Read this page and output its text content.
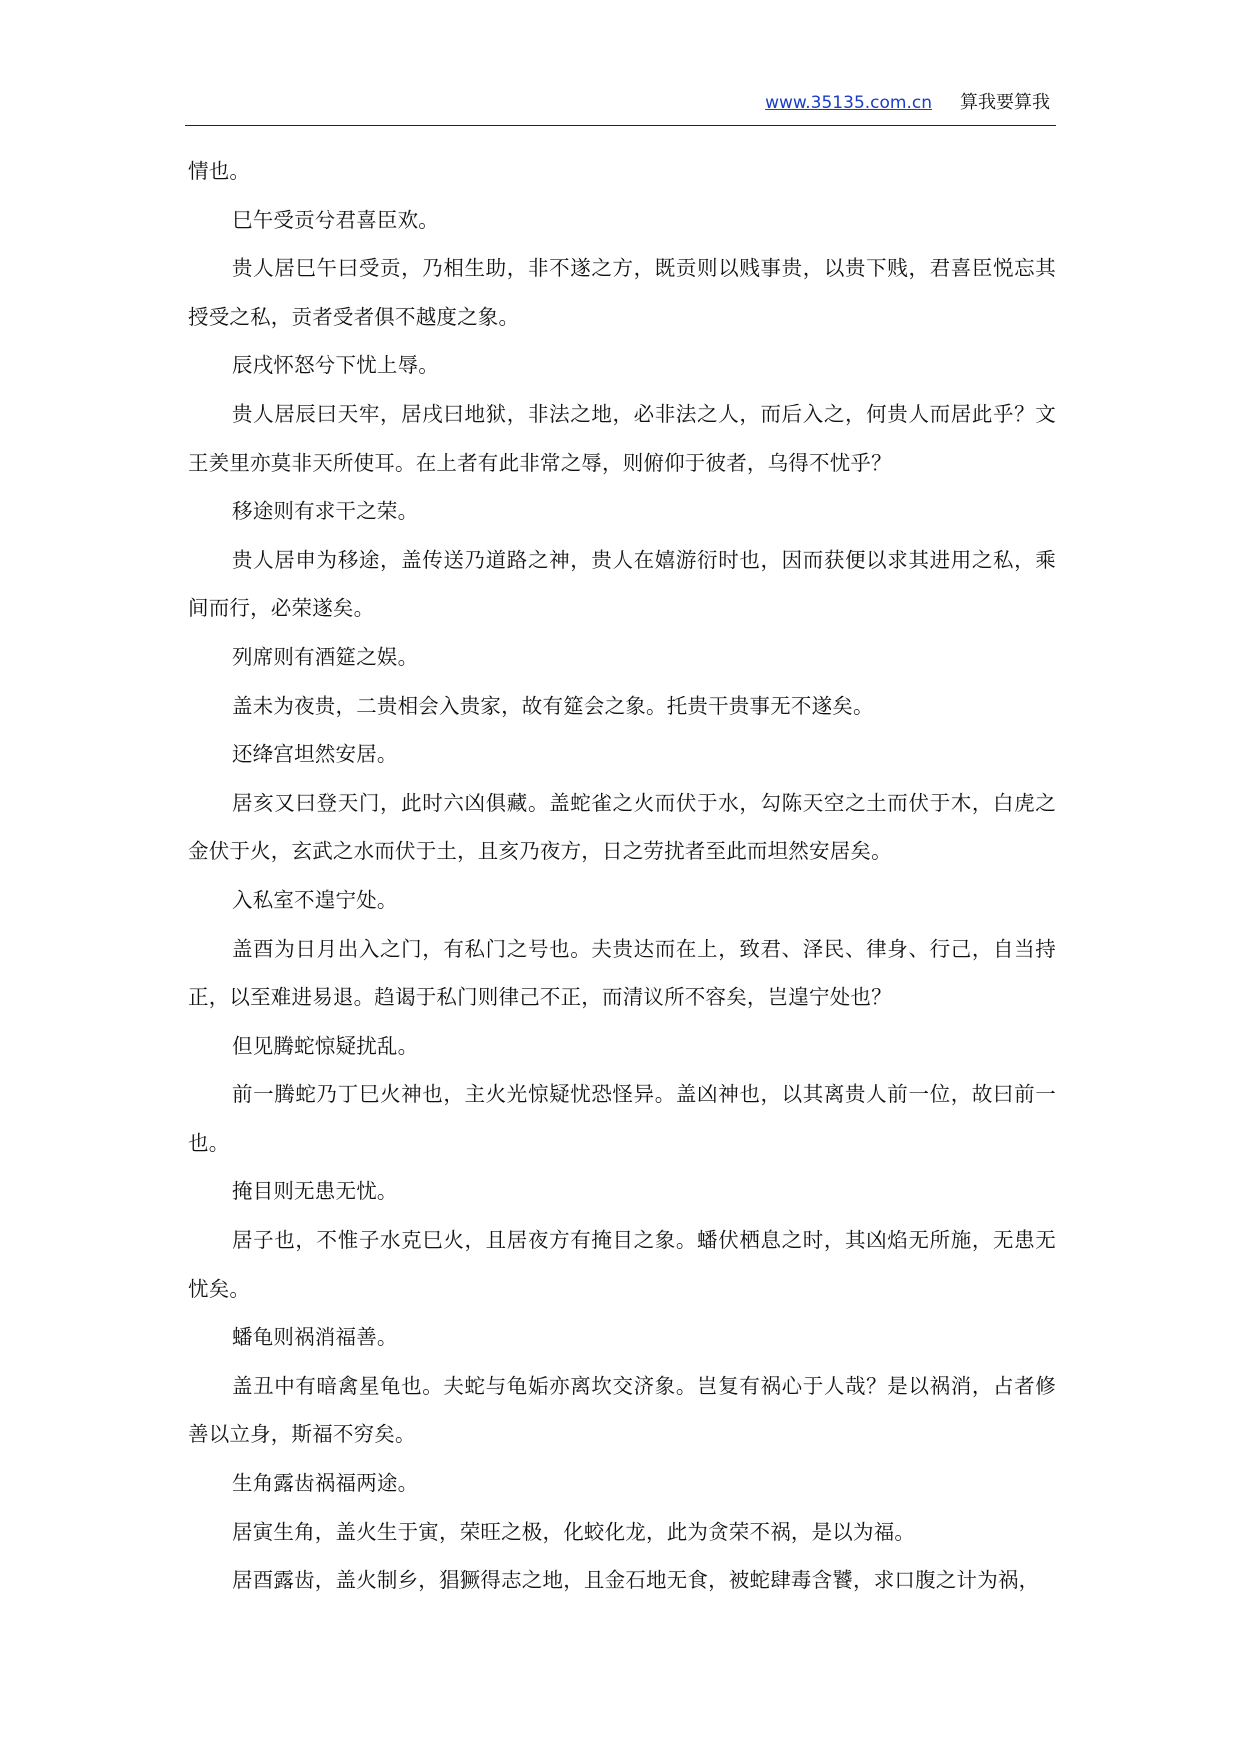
www.35135.com.cn 算我要算我

情也。

巳午受贡兮君喜臣欢。

贵人居巳午曰受贡，乃相生助，非不遂之方，既贡则以贱事贵，以贵下贱，君喜臣悦忘其授受之私，贡者受者俱不越度之象。

辰戌怀怒兮下忧上辱。

贵人居辰曰天牢，居戌曰地狱，非法之地，必非法之人，而后入之，何贵人而居此乎？文王羑里亦莫非天所使耳。在上者有此非常之辱，则俯仰于彼者，乌得不忧乎？

移途则有求干之荣。

贵人居申为移途，盖传送乃道路之神，贵人在嬉游衍时也，因而获便以求其进用之私，乘间而行，必荣遂矣。

列席则有酒筵之娱。

盖未为夜贵，二贵相会入贵家，故有筵会之象。托贵干贵事无不遂矣。

还绛宫坦然安居。

居亥又曰登天门，此时六凶俱藏。盖蛇雀之火而伏于水，勾陈天空之土而伏于木，白虎之金伏于火，玄武之水而伏于土，且亥乃夜方，日之劳扰者至此而坦然安居矣。

入私室不遑宁处。

盖酉为日月出入之门，有私门之号也。夫贵达而在上，致君、泽民、律身、行己，自当持正，以至难进易退。趋谒于私门则律己不正，而清议所不容矣，岂遑宁处也？

但见腾蛇惊疑扰乱。

前一腾蛇乃丁巳火神也，主火光惊疑忧恐怪异。盖凶神也，以其离贵人前一位，故曰前一也。

掩目则无患无忧。

居子也，不惟子水克巳火，且居夜方有掩目之象。蟠伏栖息之时，其凶焰无所施，无患无忧矣。

蟠龟则祸消福善。

盖丑中有暗禽星龟也。夫蛇与龟姤亦离坎交济象。岂复有祸心于人哉？是以祸消，占者修善以立身，斯福不穷矣。

生角露齿祸福两途。

居寅生角，盖火生于寅，荣旺之极，化蛟化龙，此为贪荣不祸，是以为福。

居酉露齿，盖火制乡，猖獗得志之地，且金石地无食，被蛇肆毒含饕，求口腹之计为祸，
